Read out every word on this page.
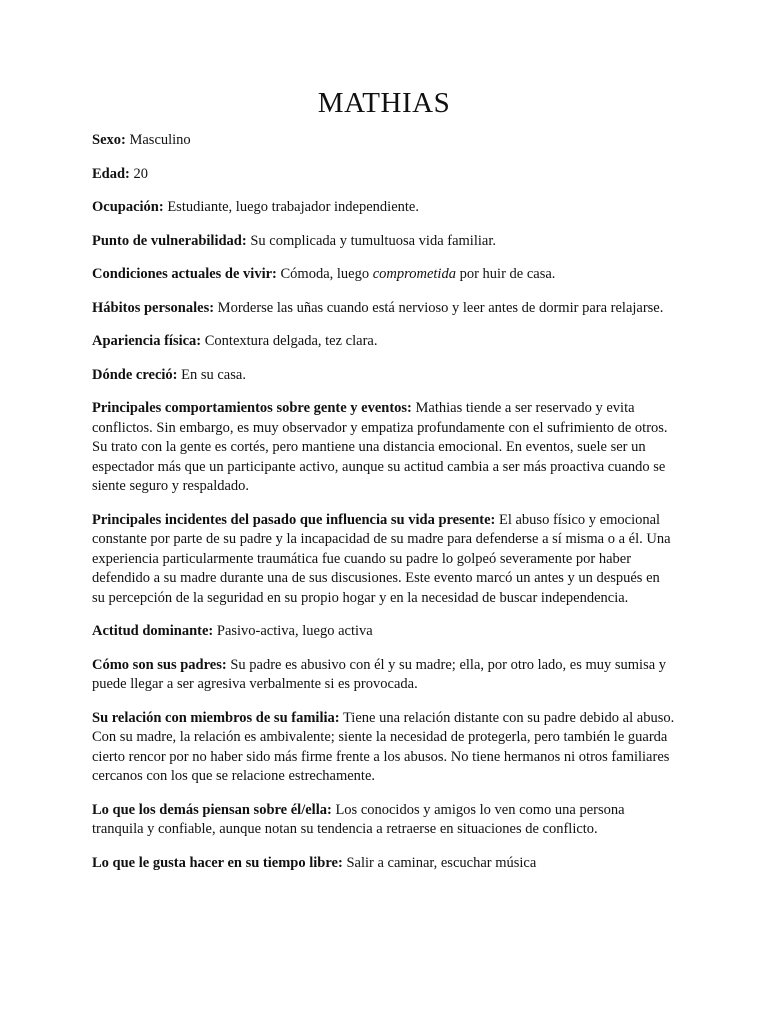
MATHIAS

Sexo: Masculino

Edad: 20

Ocupación: Estudiante, luego trabajador independiente.

Punto de vulnerabilidad: Su complicada y tumultuosa vida familiar.

Condiciones actuales de vivir: Cómoda, luego comprometida por huir de casa.

Hábitos personales: Morderse las uñas cuando está nervioso y leer antes de dormir para relajarse.

Apariencia física: Contextura delgada, tez clara.

Dónde creció: En su casa.

Principales comportamientos sobre gente y eventos: Mathias tiende a ser reservado y evita conflictos. Sin embargo, es muy observador y empatiza profundamente con el sufrimiento de otros. Su trato con la gente es cortés, pero mantiene una distancia emocional. En eventos, suele ser un espectador más que un participante activo, aunque su actitud cambia a ser más proactiva cuando se siente seguro y respaldado.

Principales incidentes del pasado que influencia su vida presente: El abuso físico y emocional constante por parte de su padre y la incapacidad de su madre para defenderse a sí misma o a él. Una experiencia particularmente traumática fue cuando su padre lo golpeó severamente por haber defendido a su madre durante una de sus discusiones. Este evento marcó un antes y un después en su percepción de la seguridad en su propio hogar y en la necesidad de buscar independencia.

Actitud dominante: Pasivo-activa, luego activa

Cómo son sus padres: Su padre es abusivo con él y su madre; ella, por otro lado, es muy sumisa y puede llegar a ser agresiva verbalmente si es provocada.

Su relación con miembros de su familia: Tiene una relación distante con su padre debido al abuso. Con su madre, la relación es ambivalente; siente la necesidad de protegerla, pero también le guarda cierto rencor por no haber sido más firme frente a los abusos. No tiene hermanos ni otros familiares cercanos con los que se relacione estrechamente.

Lo que los demás piensan sobre él/ella: Los conocidos y amigos lo ven como una persona tranquila y confiable, aunque notan su tendencia a retraerse en situaciones de conflicto.

Lo que le gusta hacer en su tiempo libre: Salir a caminar, escuchar música
